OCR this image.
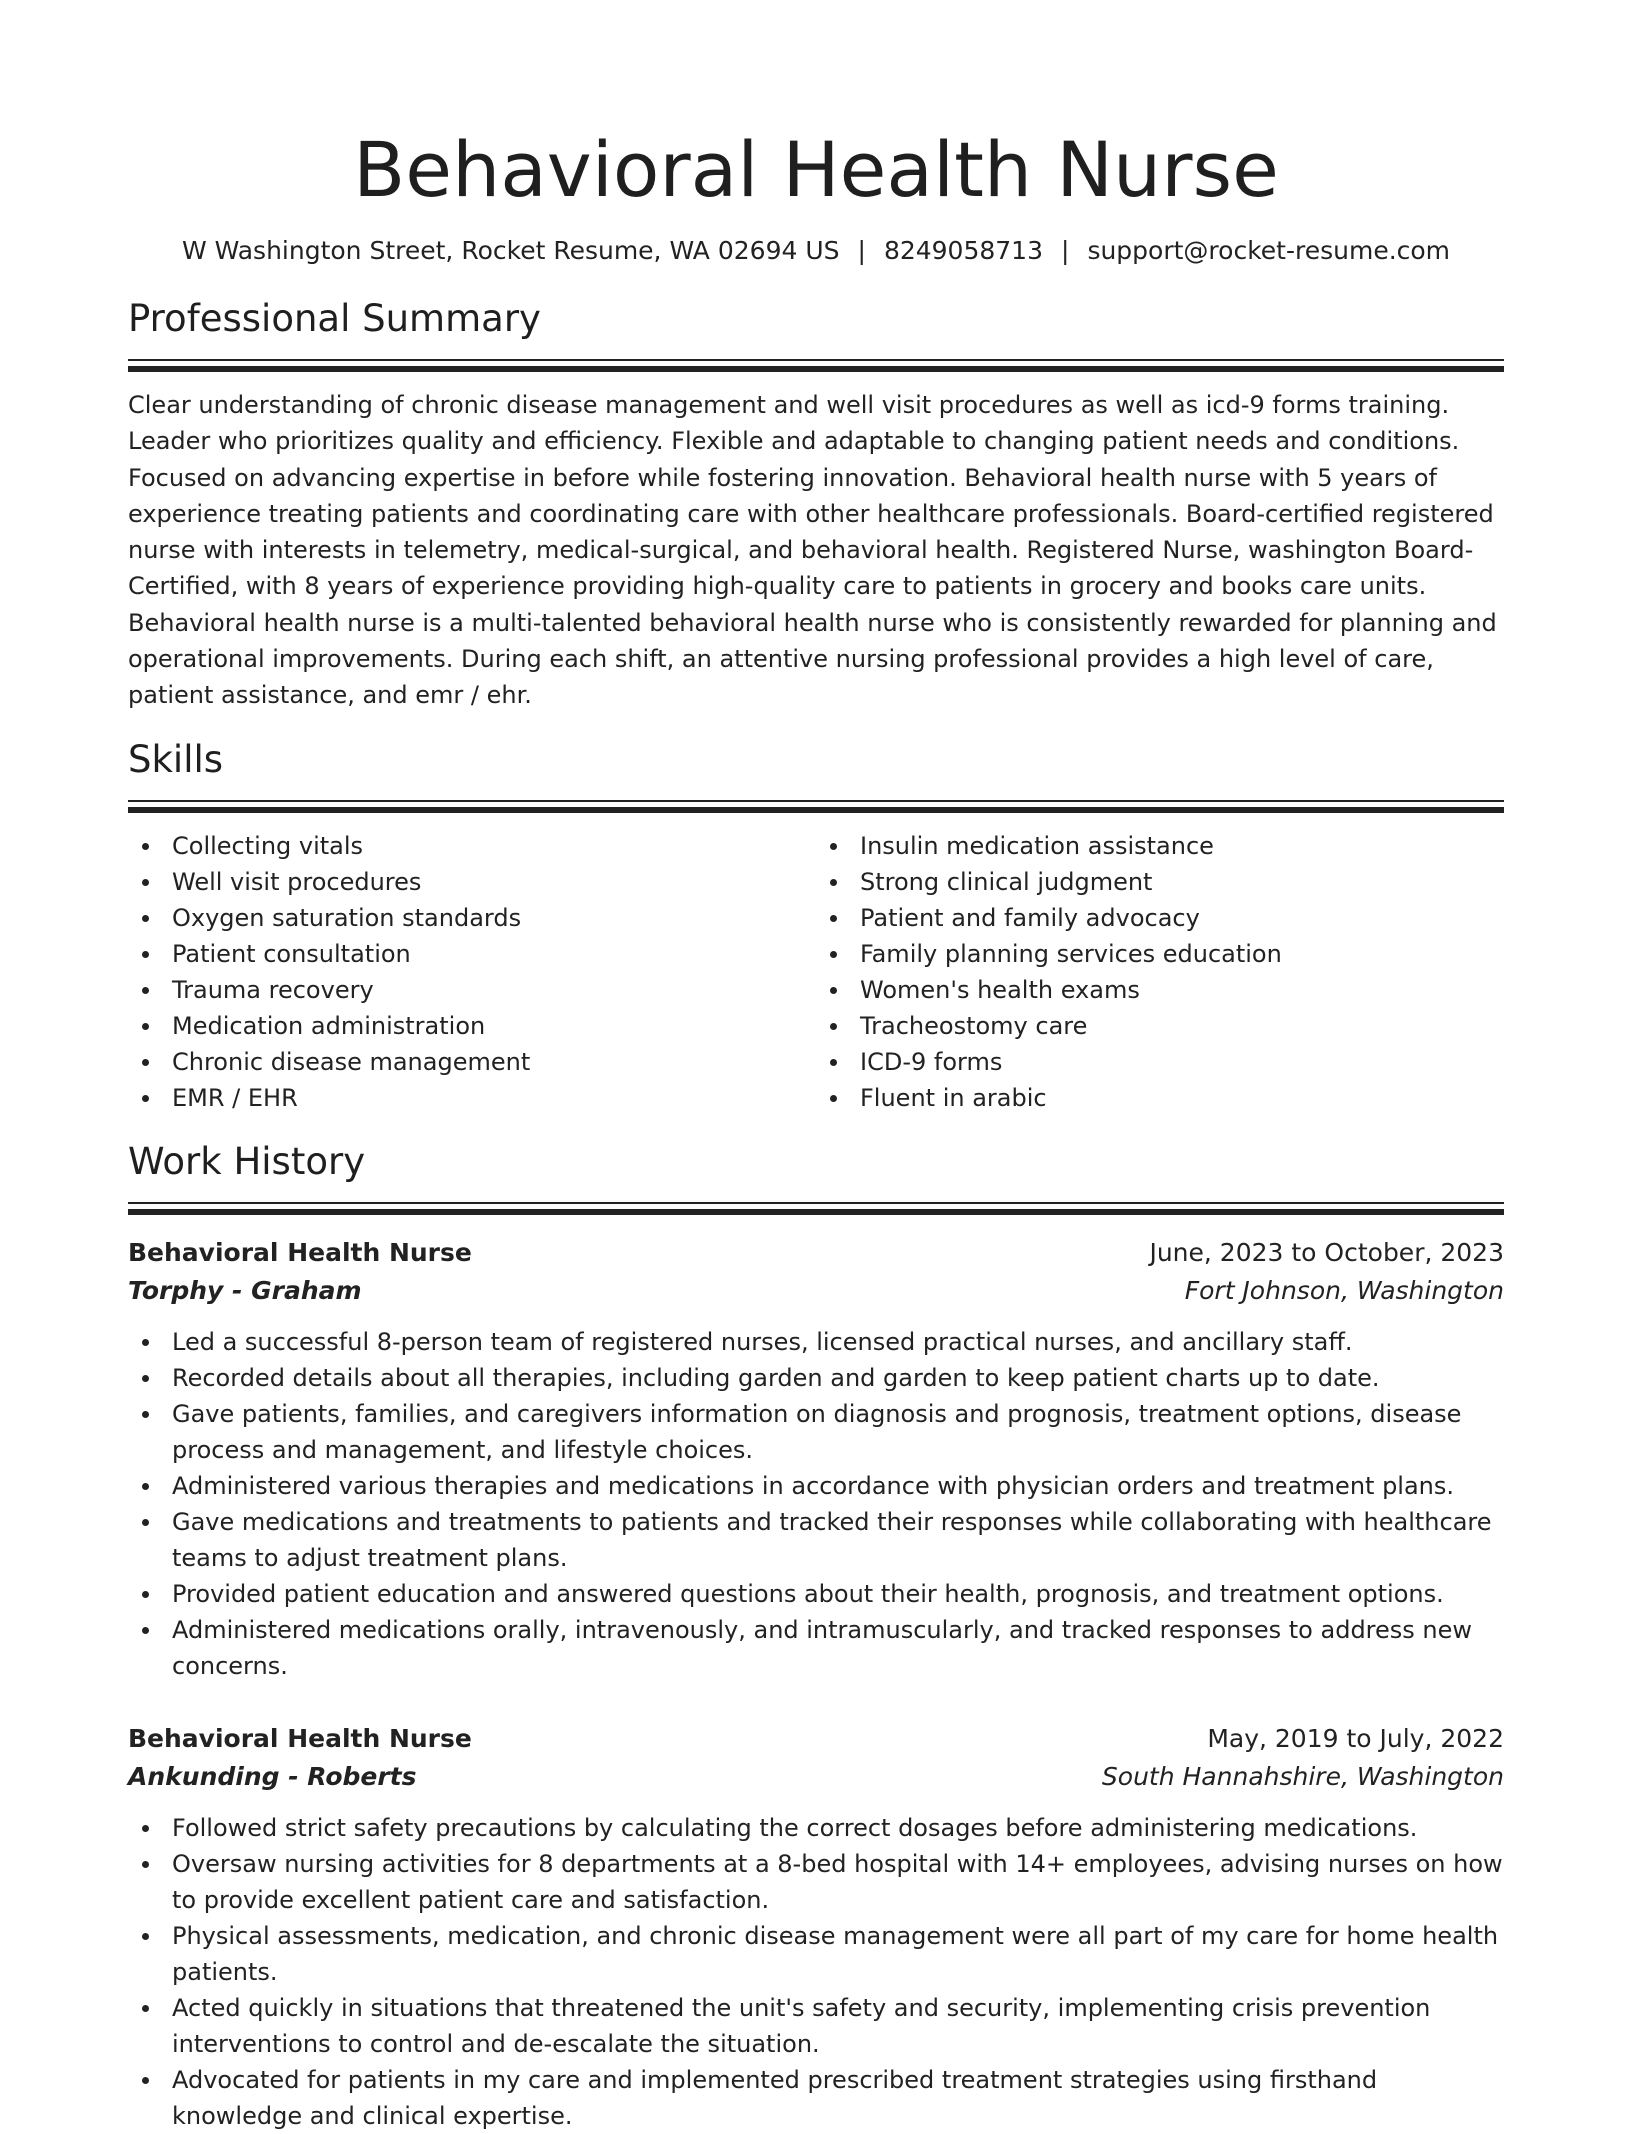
Behavioral Health Nurse
W Washington Street, Rocket Resume, WA 02694 US | 8249058713 | support@rocket-resume.com
Professional Summary
Clear understanding of chronic disease management and well visit procedures as well as icd-9 forms training. Leader who prioritizes quality and efficiency. Flexible and adaptable to changing patient needs and conditions. Focused on advancing expertise in before while fostering innovation. Behavioral health nurse with 5 years of experience treating patients and coordinating care with other healthcare professionals. Board-certified registered nurse with interests in telemetry, medical-surgical, and behavioral health. Registered Nurse, washington Board-Certified, with 8 years of experience providing high-quality care to patients in grocery and books care units. Behavioral health nurse is a multi-talented behavioral health nurse who is consistently rewarded for planning and operational improvements. During each shift, an attentive nursing professional provides a high level of care, patient assistance, and emr / ehr.
Skills
Collecting vitals
Well visit procedures
Oxygen saturation standards
Patient consultation
Trauma recovery
Medication administration
Chronic disease management
EMR / EHR
Insulin medication assistance
Strong clinical judgment
Patient and family advocacy
Family planning services education
Women's health exams
Tracheostomy care
ICD-9 forms
Fluent in arabic
Work History
Behavioral Health Nurse	June, 2023 to October, 2023
Torphy - Graham	Fort Johnson, Washington
Led a successful 8-person team of registered nurses, licensed practical nurses, and ancillary staff.
Recorded details about all therapies, including garden and garden to keep patient charts up to date.
Gave patients, families, and caregivers information on diagnosis and prognosis, treatment options, disease process and management, and lifestyle choices.
Administered various therapies and medications in accordance with physician orders and treatment plans.
Gave medications and treatments to patients and tracked their responses while collaborating with healthcare teams to adjust treatment plans.
Provided patient education and answered questions about their health, prognosis, and treatment options.
Administered medications orally, intravenously, and intramuscularly, and tracked responses to address new concerns.
Behavioral Health Nurse	May, 2019 to July, 2022
Ankunding - Roberts	South Hannahshire, Washington
Followed strict safety precautions by calculating the correct dosages before administering medications.
Oversaw nursing activities for 8 departments at a 8-bed hospital with 14+ employees, advising nurses on how to provide excellent patient care and satisfaction.
Physical assessments, medication, and chronic disease management were all part of my care for home health patients.
Acted quickly in situations that threatened the unit's safety and security, implementing crisis prevention interventions to control and de-escalate the situation.
Advocated for patients in my care and implemented prescribed treatment strategies using firsthand knowledge and clinical expertise.
